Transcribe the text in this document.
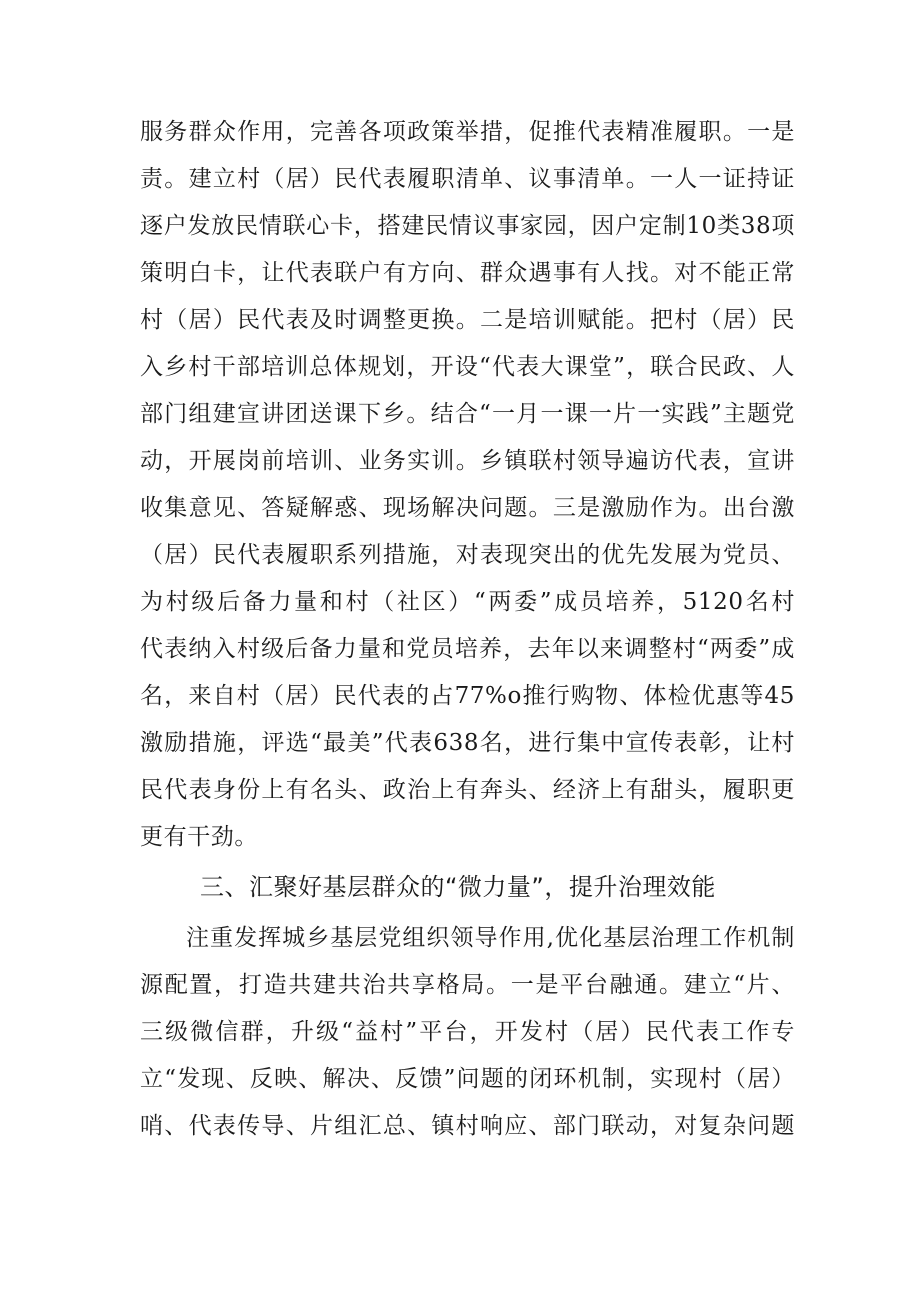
服务群众作用，完善各项政策举措，促推代表精准履职。一是
责。建立村（居）民代表履职清单、议事清单。一人一证持证
逐户发放民情联心卡，搭建民情议事家园，因户定制10类38项
策明白卡，让代表联户有方向、群众遇事有人找。对不能正常
村（居）民代表及时调整更换。二是培训赋能。把村（居）民
入乡村干部培训总体规划，开设“代表大课堂”，联合民政、人
部门组建宣讲团送课下乡。结合“一月一课一片一实践”主题党
动，开展岗前培训、业务实训。乡镇联村领导遍访代表，宣讲
收集意见、答疑解惑、现场解决问题。三是激励作为。出台激
（居）民代表履职系列措施，对表现突出的优先发展为党员、
为村级后备力量和村（社区）“两委”成员培养，5120名村
代表纳入村级后备力量和党员培养，去年以来调整村“两委”成
名，来自村（居）民代表的占77%o推行购物、体检优惠等45
激励措施，评选“最美”代表638名，进行集中宣传表彰，让村
民代表身份上有名头、政治上有奔头、经济上有甜头，履职更
更有干劲。
三、汇聚好基层群众的“微力量”，提升治理效能
注重发挥城乡基层党组织领导作用,优化基层治理工作机制
源配置，打造共建共治共享格局。一是平台融通。建立“片、
三级微信群，升级“益村”平台，开发村（居）民代表工作专
立“发现、反映、解决、反馈”问题的闭环机制，实现村（居）
哨、代表传导、片组汇总、镇村响应、部门联动，对复杂问题
